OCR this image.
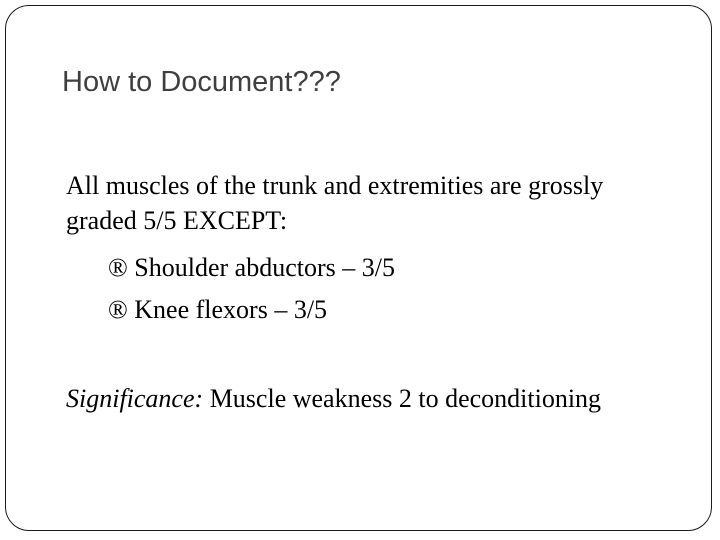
How to Document???

All muscles of the trunk and extremities are grossly graded 5/5 EXCEPT:

® Shoulder abductors – 3/5
® Knee flexors – 3/5

Significance: Muscle weakness 2 to deconditioning
